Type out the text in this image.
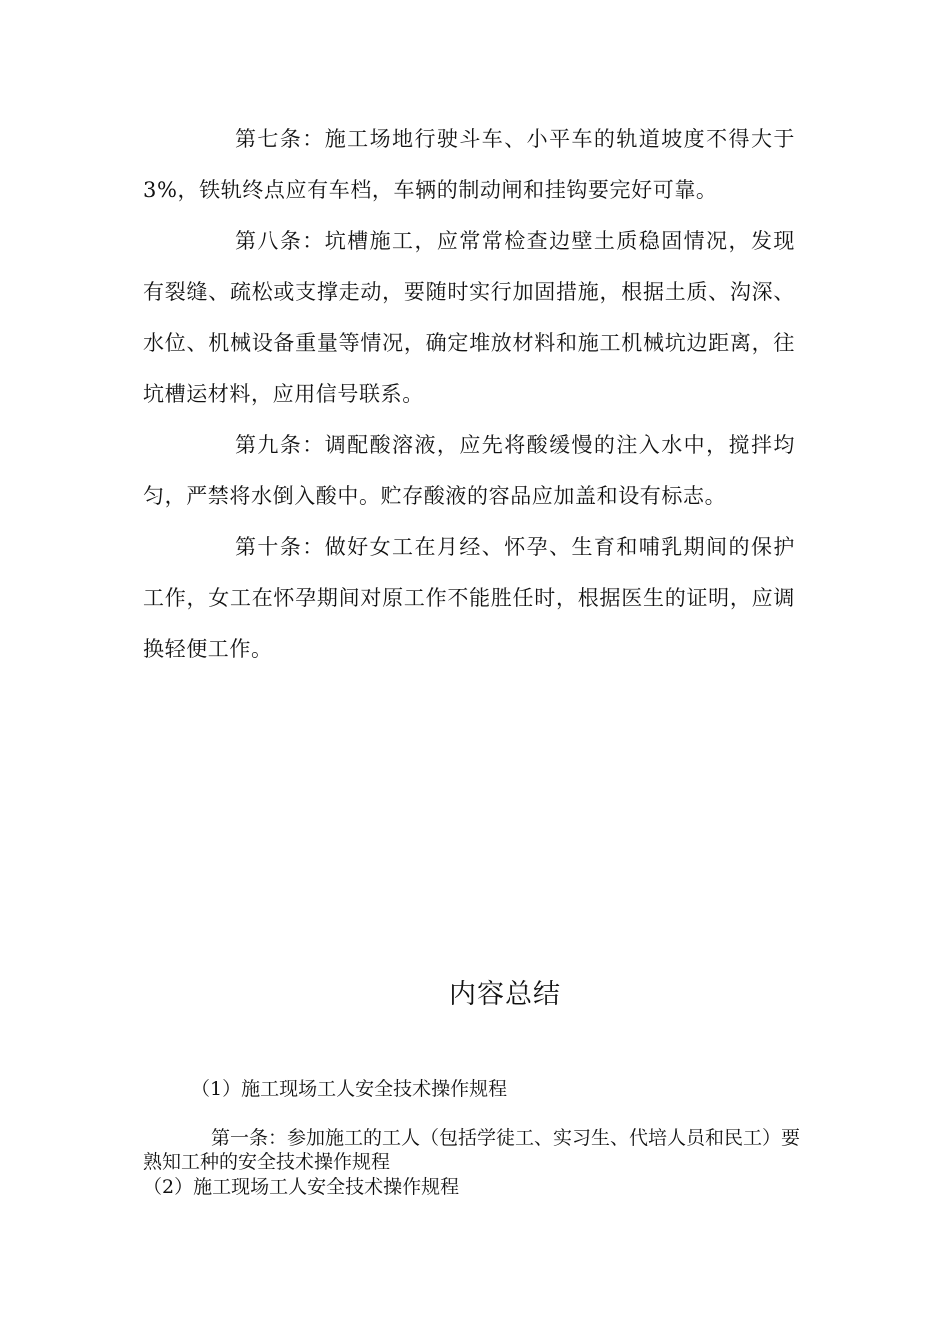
第七条：施工场地行驶斗车、小平车的轨道坡度不得大于3%，铁轨终点应有车档，车辆的制动闸和挂钩要完好可靠。

第八条：坑槽施工，应常常检查边壁土质稳固情况，发现有裂缝、疏松或支撑走动，要随时实行加固措施，根据土质、沟深、水位、机械设备重量等情况，确定堆放材料和施工机械坑边距离，往坑槽运材料，应用信号联系。

第九条：调配酸溶液，应先将酸缓慢的注入水中，搅拌均匀，严禁将水倒入酸中。贮存酸液的容品应加盖和设有标志。

第十条：做好女工在月经、怀孕、生育和哺乳期间的保护工作，女工在怀孕期间对原工作不能胜任时，根据医生的证明，应调换轻便工作。

内容总结

（1）施工现场工人安全技术操作规程

第一条：参加施工的工人（包括学徒工、实习生、代培人员和民工）要熟知工种的安全技术操作规程

（2）施工现场工人安全技术操作规程
